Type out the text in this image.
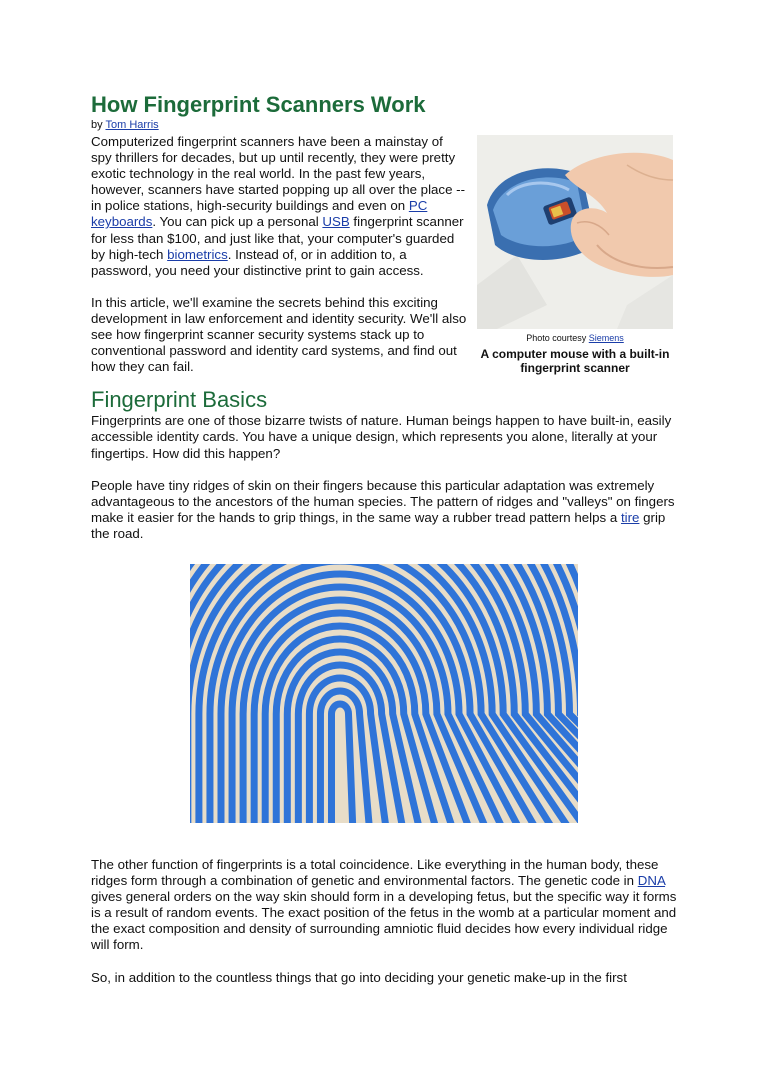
How Fingerprint Scanners Work
by Tom Harris

Computerized fingerprint scanners have been a mainstay of spy thrillers for decades, but up until recently, they were pretty exotic technology in the real world. In the past few years, however, scanners have started popping up all over the place -- in police stations, high-security buildings and even on PC keyboards. You can pick up a personal USB fingerprint scanner for less than $100, and just like that, your computer's guarded by high-tech biometrics. Instead of, or in addition to, a password, you need your distinctive print to gain access.

In this article, we'll examine the secrets behind this exciting development in law enforcement and identity security. We'll also see how fingerprint scanner security systems stack up to conventional password and identity card systems, and find out how they can fail.

Photo courtesy Siemens
A computer mouse with a built-in fingerprint scanner
Fingerprint Basics

Fingerprints are one of those bizarre twists of nature. Human beings happen to have built-in, easily accessible identity cards. You have a unique design, which represents you alone, literally at your fingertips. How did this happen?

People have tiny ridges of skin on their fingers because this particular adaptation was extremely advantageous to the ancestors of the human species. The pattern of ridges and "valleys" on fingers make it easier for the hands to grip things, in the same way a rubber tread pattern helps a tire grip the road.

The other function of fingerprints is a total coincidence. Like everything in the human body, these ridges form through a combination of genetic and environmental factors. The genetic code in DNA gives general orders on the way skin should form in a developing fetus, but the specific way it forms is a result of random events. The exact position of the fetus in the womb at a particular moment and the exact composition and density of surrounding amniotic fluid decides how every individual ridge will form.

So, in addition to the countless things that go into deciding your genetic make-up in the first
